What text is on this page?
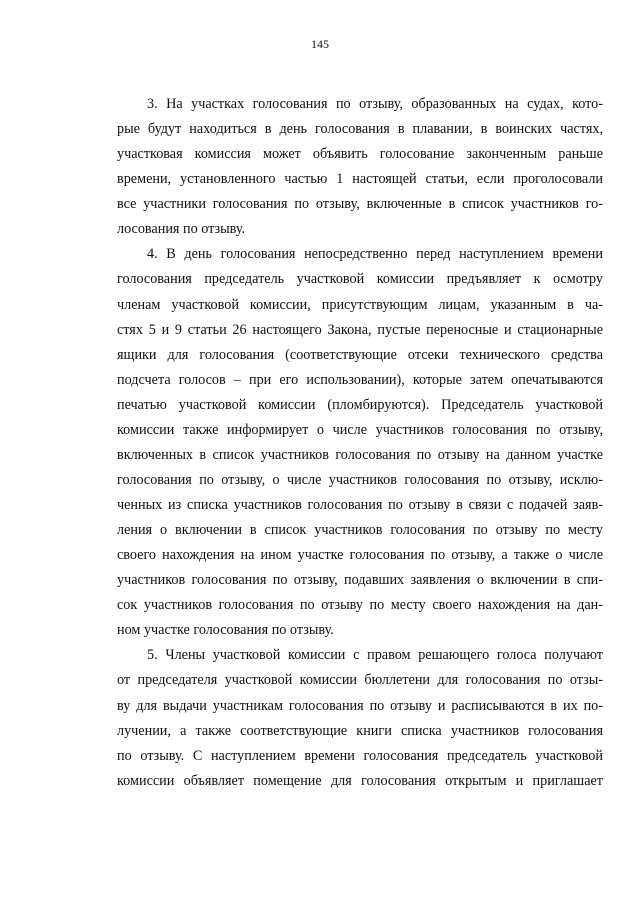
145
3. На участках голосования по отзыву, образованных на судах, кото-
рые будут находиться в день голосования в плавании, в воинских частях,
участковая комиссия может объявить голосование законченным раньше
времени, установленного частью 1 настоящей статьи, если проголосовали
все участники голосования по отзыву, включенные в список участников го-
лосования по отзыву.
4. В день голосования непосредственно перед наступлением времени
голосования председатель участковой комиссии предъявляет к осмотру
членам участковой комиссии, присутствующим лицам, указанным в ча-
стях 5 и 9 статьи 26 настоящего Закона, пустые переносные и стационарные
ящики для голосования (соответствующие отсеки технического средства
подсчета голосов – при его использовании), которые затем опечатываются
печатью участковой комиссии (пломбируются). Председатель участковой
комиссии также информирует о числе участников голосования по отзыву,
включенных в список участников голосования по отзыву на данном участке
голосования по отзыву, о числе участников голосования по отзыву, исклю-
ченных из списка участников голосования по отзыву в связи с подачей заяв-
ления о включении в список участников голосования по отзыву по месту
своего нахождения на ином участке голосования по отзыву, а также о числе
участников голосования по отзыву, подавших заявления о включении в спи-
сок участников голосования по отзыву по месту своего нахождения на дан-
ном участке голосования по отзыву.
5. Члены участковой комиссии с правом решающего голоса получают
от председателя участковой комиссии бюллетени для голосования по отзы-
ву для выдачи участникам голосования по отзыву и расписываются в их по-
лучении, а также соответствующие книги списка участников голосования
по отзыву. С наступлением времени голосования председатель участковой
комиссии объявляет помещение для голосования открытым и приглашает
